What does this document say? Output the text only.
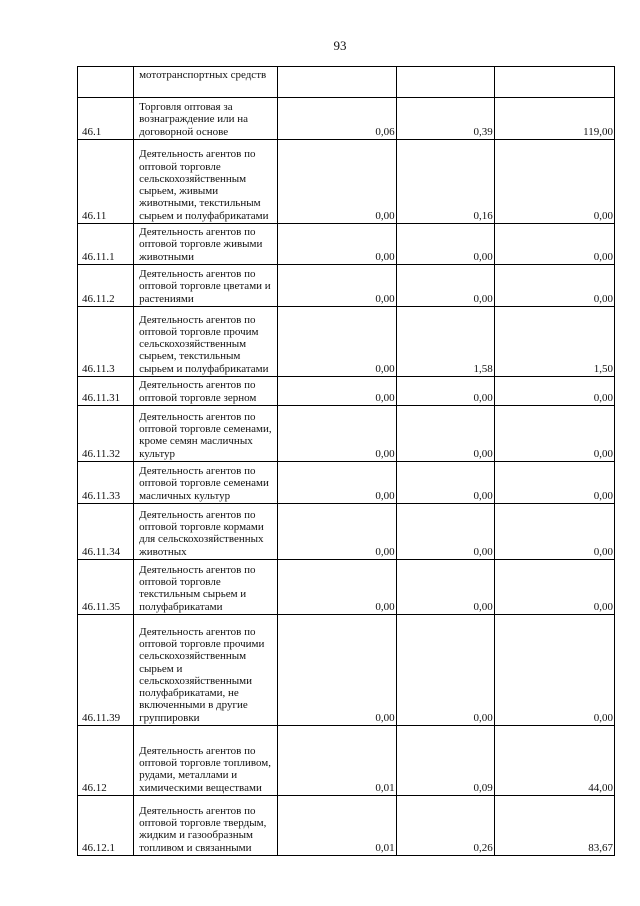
93
	мототранспортных средств			
46.1	Торговля оптовая за вознаграждение или на договорной основе	0,06	0,39	119,00
46.11	Деятельность агентов по оптовой торговле сельскохозяйственным сырьем, живыми животными, текстильным сырьем и полуфабрикатами	0,00	0,16	0,00
46.11.1	Деятельность агентов по оптовой торговле живыми животными	0,00	0,00	0,00
46.11.2	Деятельность агентов по оптовой торговле цветами и растениями	0,00	0,00	0,00
46.11.3	Деятельность агентов по оптовой торговле прочим сельскохозяйственным сырьем, текстильным сырьем и полуфабрикатами	0,00	1,58	1,50
46.11.31	Деятельность агентов по оптовой торговле зерном	0,00	0,00	0,00
46.11.32	Деятельность агентов по оптовой торговле семенами, кроме семян масличных культур	0,00	0,00	0,00
46.11.33	Деятельность агентов по оптовой торговле семенами масличных культур	0,00	0,00	0,00
46.11.34	Деятельность агентов по оптовой торговле кормами для сельскохозяйственных животных	0,00	0,00	0,00
46.11.35	Деятельность агентов по оптовой торговле текстильным сырьем и полуфабрикатами	0,00	0,00	0,00
46.11.39	Деятельность агентов по оптовой торговле прочими сельскохозяйственным сырьем и сельскохозяйственными полуфабрикатами, не включенными в другие группировки	0,00	0,00	0,00
46.12	Деятельность агентов по оптовой торговле топливом, рудами, металлами и химическими веществами	0,01	0,09	44,00
46.12.1	Деятельность агентов по оптовой торговле твердым, жидким и газообразным топливом и связанными	0,01	0,26	83,67
